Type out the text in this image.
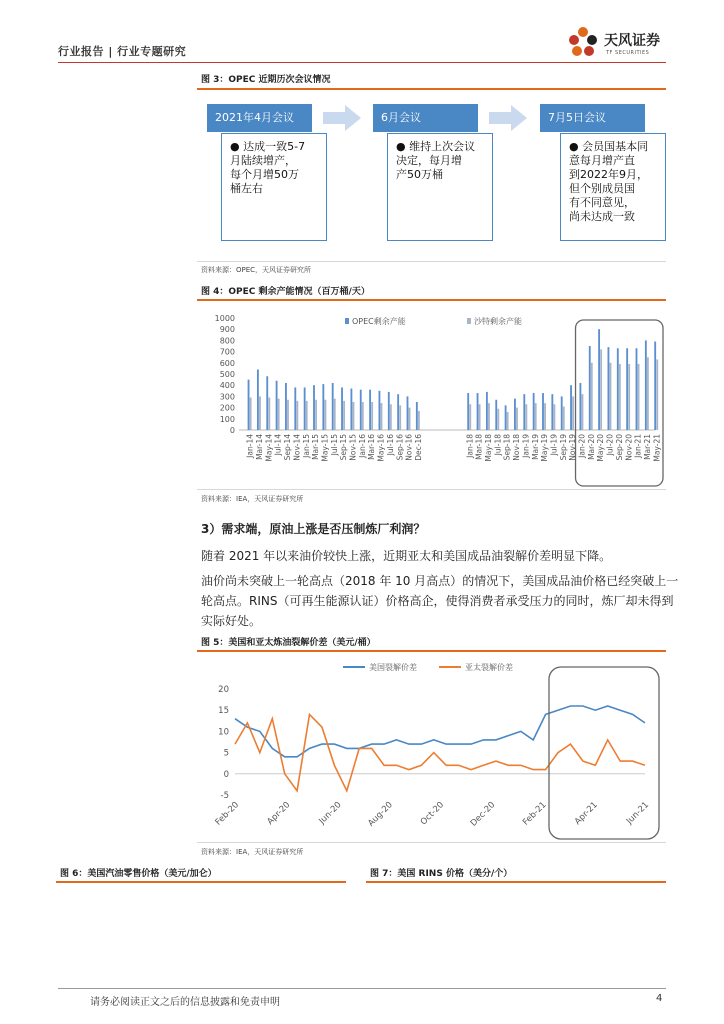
行业报告 | 行业专题研究
天风证券
TF SECURITIES
图 3：OPEC 近期历次会议情况
2021年4月会议
● 达成一致5-7
月陆续增产，
每个月增50万
桶左右
6月会议
● 维持上次会议
决定，每月增
产50万桶
7月5日会议
● 会员国基本同
意每月增产直
到2022年9月，
但个别成员国
有不同意见，
尚未达成一致
资料来源：OPEC，天风证券研究所
图 4：OPEC 剩余产能情况（百万桶/天）
OPEC剩余产能	沙特剩余产能
0
100
200
300
400
500
600
700
800
900
1000
Jan-14 Mar-14 May-14 Jul-14 Sep-14 Nov-14 Jan-15 Mar-15 May-15 Jul-15 Sep-15 Nov-15 Jan-16 Mar-16 May-16 Jul-16 Sep-16 Nov-16 Dec-16	Jan-18 Mar-18 May-18 Jul-18 Sep-18 Nov-18 Jan-19 Mar-19 May-19 Jul-19 Sep-19 Nov-19 Jan-20 Mar-20 May-20 Jul-20 Sep-20 Nov-20 Jan-21 Mar-21 May-21
资料来源：IEA，天风证券研究所
3）需求端，原油上涨是否压制炼厂利润？
随着 2021 年以来油价较快上涨，近期亚太和美国成品油裂解价差明显下降。
油价尚未突破上一轮高点（2018 年 10 月高点）的情况下，美国成品油价格已经突破上一
轮高点。RINS（可再生能源认证）价格高企，使得消费者承受压力的同时，炼厂却未得到
实际好处。
图 5：美国和亚太炼油裂解价差（美元/桶）
美国裂解价差	亚太裂解价差
-5
0
5
10
15
20
Feb-20	Apr-20	Jun-20	Aug-20	Oct-20	Dec-20	Feb-21	Apr-21	Jun-21
资料来源：IEA，天风证券研究所
图 6：美国汽油零售价格（美元/加仑）	图 7：美国 RINS 价格（美分/个）
请务必阅读正文之后的信息披露和免责申明	4
